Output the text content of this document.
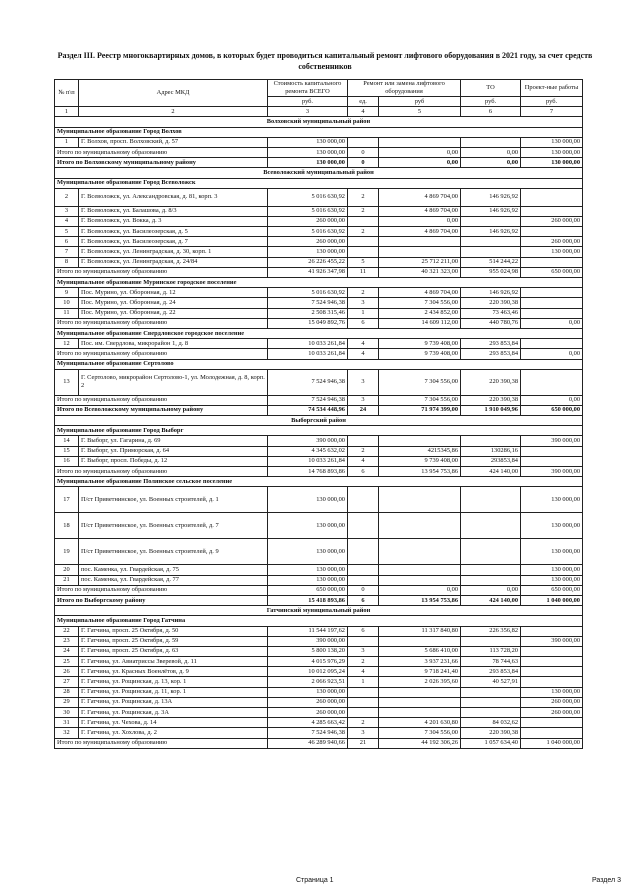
Раздел III. Реестр многоквартирных домов, в которых будет проводиться капитальный ремонт лифтового оборудования в 2021 году, за счет средств собственников
№ п\п	Адрес МКД	Стоимость капитального ремонта ВСЕГО	Ремонт или замена лифтового оборудования		ТО	Проект-ные работы
		руб.	ед.	руб	руб.	руб.
1	2	3	4	5	6	7
Волховский муниципальный район						
Муниципальное образование Город Волхов						
1	Г. Волхов, просп. Волховский, д. 57	130 000,00				130 000,00
Итого по муниципальному образованию		130 000,00	0	0,00	0,00	130 000,00
Итого по Волховскому муниципальному району		130 000,00	0	0,00	0,00	130 000,00
Всеволожский муниципальный район						
Муниципальное образование Город Всеволожск						
2	Г. Всеволожск, ул. Александровская, д. 81, корп. 3	5 016 630,92	2	4 869 704,00	146 926,92	
3	Г. Всеволожск, ул. Балашова, д. 8/3	5 016 630,92	2	4 869 704,00	146 926,92	
4	Г. Всеволожск, ул. Вокка, д. 3	260 000,00		0,00		260 000,00
5	Г. Всеволожск, ул. Василеозерская, д. 5	5 016 630,92	2	4 869 704,00	146 926,92	
6	Г. Всеволожск, ул. Василеозерская, д. 7	260 000,00				260 000,00
7	Г. Всеволожск, ул. Ленинградская, д. 30, корп. 1	130 000,00				130 000,00
8	Г. Всеволожск, ул. Ленинградская, д. 24/84	26 226 455,22	5	25 712 211,00	514 244,22	
Итого по муниципальному образованию		41 926 347,98	11	40 321 323,00	955 024,98	650 000,00
Муниципальное образование Муринское городское поселение						
9	Пос. Мурино, ул. Оборонная, д. 12	5 016 630,92	2	4 869 704,00	146 926,92	
10	Пос. Мурино, ул. Оборонная, д. 24	7 524 946,38	3	7 304 556,00	220 390,38	
11	Пос. Мурино, ул. Оборонная, д. 22	2 508 315,46	1	2 434 852,00	73 463,46	
Итого по муниципальному образованию		15 049 892,76	6	14 609 112,00	440 780,76	0,00
Муниципальное образование Свердловское городское поселение						
12	Пос. им. Свердлова, микрорайон 1, д. 8	10 033 261,84	4	9 739 408,00	293 853,84	
Итого по муниципальному образованию		10 033 261,84	4	9 739 408,00	293 853,84	0,00
Муниципальное образование Сертолово						
13	Г. Сертолово, микрорайон Сертолово-1, ул. Молодежная, д. 8, корп. 2	7 524 946,38	3	7 304 556,00	220 390,38	
Итого по муниципальному образованию		7 524 946,38	3	7 304 556,00	220 390,38	0,00
Итого по Всеволожскому муниципальному району		74 534 448,96	24	71 974 399,00	1 910 049,96	650 000,00
Выборгский район						
Муниципальное образование Город Выборг						
14	Г. Выборг, ул. Гагарина, д. 69	390 000,00				390 000,00
15	Г. Выборг, ул. Приморская, д. 64	4 345 632,02	2	4215345,86	130286,16	
16	Г. Выборг, просп. Победы, д. 12	10 033 261,84	4	9 739 408,00	293853,84	
Итого по муниципальному образованию		14 768 893,86	6	13 954 753,86	424 140,00	390 000,00
Муниципальное образование Полянское сельское поселение						
17	П/ст Приветнинское, ул. Военных строителей, д. 1	130 000,00				130 000,00
18	П/ст Приветнинское, ул. Военных строителей, д. 7	130 000,00				130 000,00
19	П/ст Приветнинское, ул. Военных строителей, д. 9	130 000,00				130 000,00
20	пос. Каменка, ул. Гвардейская, д. 75	130 000,00				130 000,00
21	пос. Каменка, ул. Гвардейская, д. 77	130 000,00				130 000,00
Итого по муниципальному образованию		650 000,00	0	0,00	0,00	650 000,00
Итого по Выборгскому району		15 418 893,86	6	13 954 753,86	424 140,00	1 040 000,00
Гатчинский муниципальный район						
Муниципальное образование Город Гатчина						
22	Г. Гатчина, просп. 25 Октября, д. 50	11 544 197,62	6	11 317 840,80	226 356,82	
23	Г. Гатчина, просп. 25 Октября, д. 59	390 000,00				390 000,00
24	Г. Гатчина, просп. 25 Октября, д. 63	5 800 138,20	3	5 686 410,00	113 728,20	
25	Г. Гатчина, ул. Авиатриссы Зверевой, д. 11	4 015 976,29	2	3 937 231,66	78 744,63	
26	Г. Гатчина, ул. Красных Военлётов, д. 9	10 012 095,24	4	9 718 241,40	293 853,84	
27	Г. Гатчина, ул. Рощинская, д. 13, кор. 1	2 066 923,51	1	2 026 395,60	40 527,91	
28	Г. Гатчина, ул. Рощинская, д. 11, кор. 1	130 000,00				130 000,00
29	Г. Гатчина, ул. Рощинская, д. 13А	260 000,00				260 000,00
30	Г. Гатчина, ул. Рощинская, д. 3А	260 000,00				260 000,00
31	Г. Гатчина, ул. Чехова, д. 14	4 285 663,42	2	4 201 630,80	84 032,62	
32	Г. Гатчина, ул. Хохлова, д. 2	7 524 946,38	3	7 304 556,00	220 390,38	
Итого по муниципальному образованию		46 289 940,66	21	44 192 306,26	1 057 634,40	1 040 000,00
Страница 1	Раздел 3
